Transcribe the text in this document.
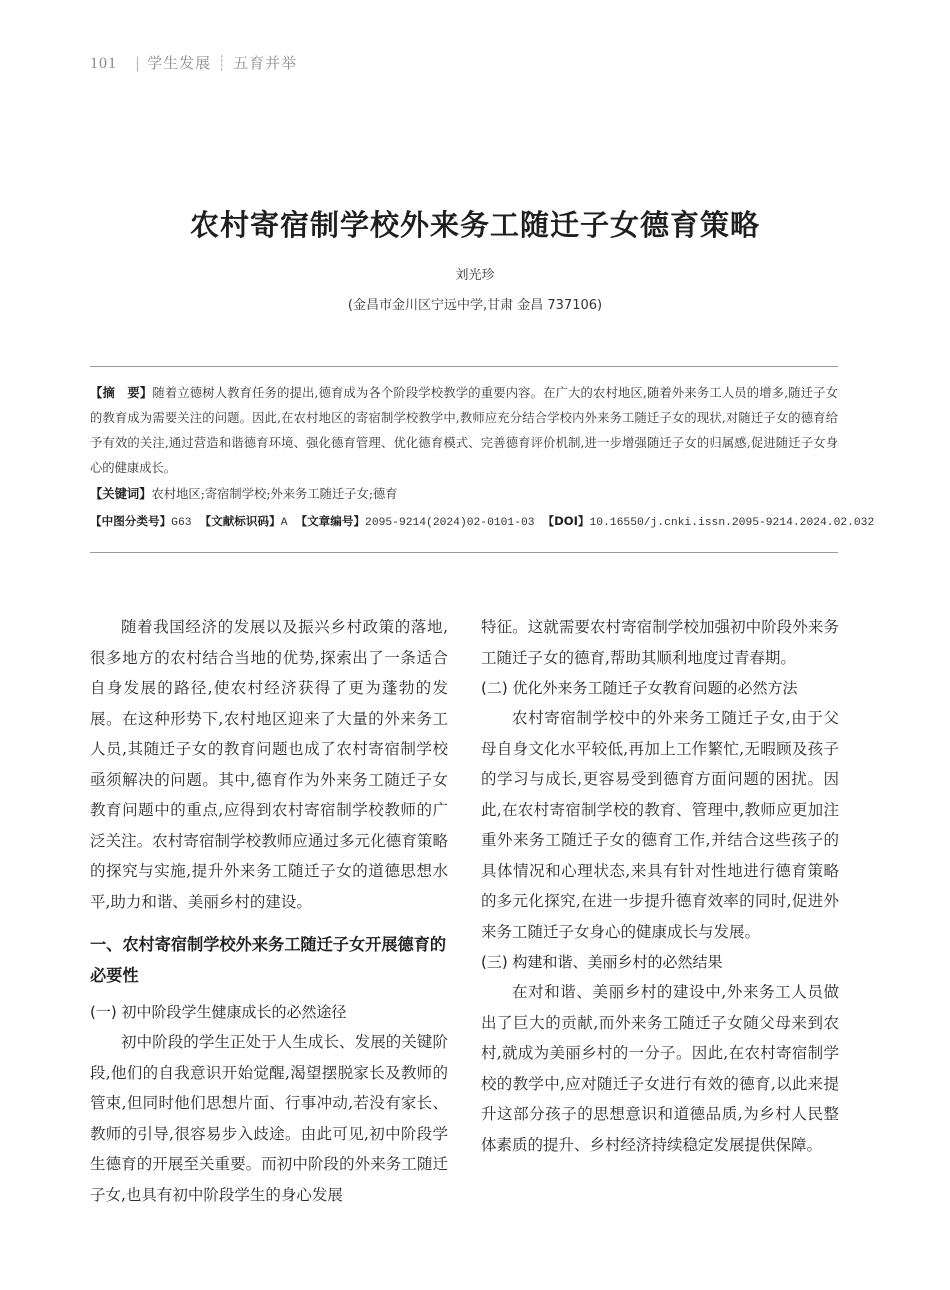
101 | 学生发展 ┊ 五育并举
农村寄宿制学校外来务工随迁子女德育策略
刘光珍
(金昌市金川区宁远中学,甘肃 金昌 737106)
【摘　要】随着立德树人教育任务的提出,德育成为各个阶段学校教学的重要内容。在广大的农村地区,随着外来务工人员的增多,随迁子女的教育成为需要关注的问题。因此,在农村地区的寄宿制学校教学中,教师应充分结合学校内外来务工随迁子女的现状,对随迁子女的德育给予有效的关注,通过营造和谐德育环境、强化德育管理、优化德育模式、完善德育评价机制,进一步增强随迁子女的归属感,促进随迁子女身心的健康成长。
【关键词】农村地区;寄宿制学校;外来务工随迁子女;德育
【中图分类号】G63 【文献标识码】A 【文章编号】2095-9214(2024)02-0101-03 【DOI】10.16550/j.cnki.issn.2095-9214.2024.02.032

随着我国经济的发展以及振兴乡村政策的落地,很多地方的农村结合当地的优势,探索出了一条适合自身发展的路径,使农村经济获得了更为蓬勃的发展。在这种形势下,农村地区迎来了大量的外来务工人员,其随迁子女的教育问题也成了农村寄宿制学校亟须解决的问题。其中,德育作为外来务工随迁子女教育问题中的重点,应得到农村寄宿制学校教师的广泛关注。农村寄宿制学校教师应通过多元化德育策略的探究与实施,提升外来务工随迁子女的道德思想水平,助力和谐、美丽乡村的建设。

一、农村寄宿制学校外来务工随迁子女开展德育的必要性
(一) 初中阶段学生健康成长的必然途径

初中阶段的学生正处于人生成长、发展的关键阶段,他们的自我意识开始觉醒,渴望摆脱家长及教师的管束,但同时他们思想片面、行事冲动,若没有家长、教师的引导,很容易步入歧途。由此可见,初中阶段学生德育的开展至关重要。而初中阶段的外来务工随迁子女,也具有初中阶段学生的身心发展

特征。这就需要农村寄宿制学校加强初中阶段外来务工随迁子女的德育,帮助其顺利地度过青春期。

(二) 优化外来务工随迁子女教育问题的必然方法

农村寄宿制学校中的外来务工随迁子女,由于父母自身文化水平较低,再加上工作繁忙,无暇顾及孩子的学习与成长,更容易受到德育方面问题的困扰。因此,在农村寄宿制学校的教育、管理中,教师应更加注重外来务工随迁子女的德育工作,并结合这些孩子的具体情况和心理状态,来具有针对性地进行德育策略的多元化探究,在进一步提升德育效率的同时,促进外来务工随迁子女身心的健康成长与发展。

(三) 构建和谐、美丽乡村的必然结果

在对和谐、美丽乡村的建设中,外来务工人员做出了巨大的贡献,而外来务工随迁子女随父母来到农村,就成为美丽乡村的一分子。因此,在农村寄宿制学校的教学中,应对随迁子女进行有效的德育,以此来提升这部分孩子的思想意识和道德品质,为乡村人民整体素质的提升、乡村经济持续稳定发展提供保障。
